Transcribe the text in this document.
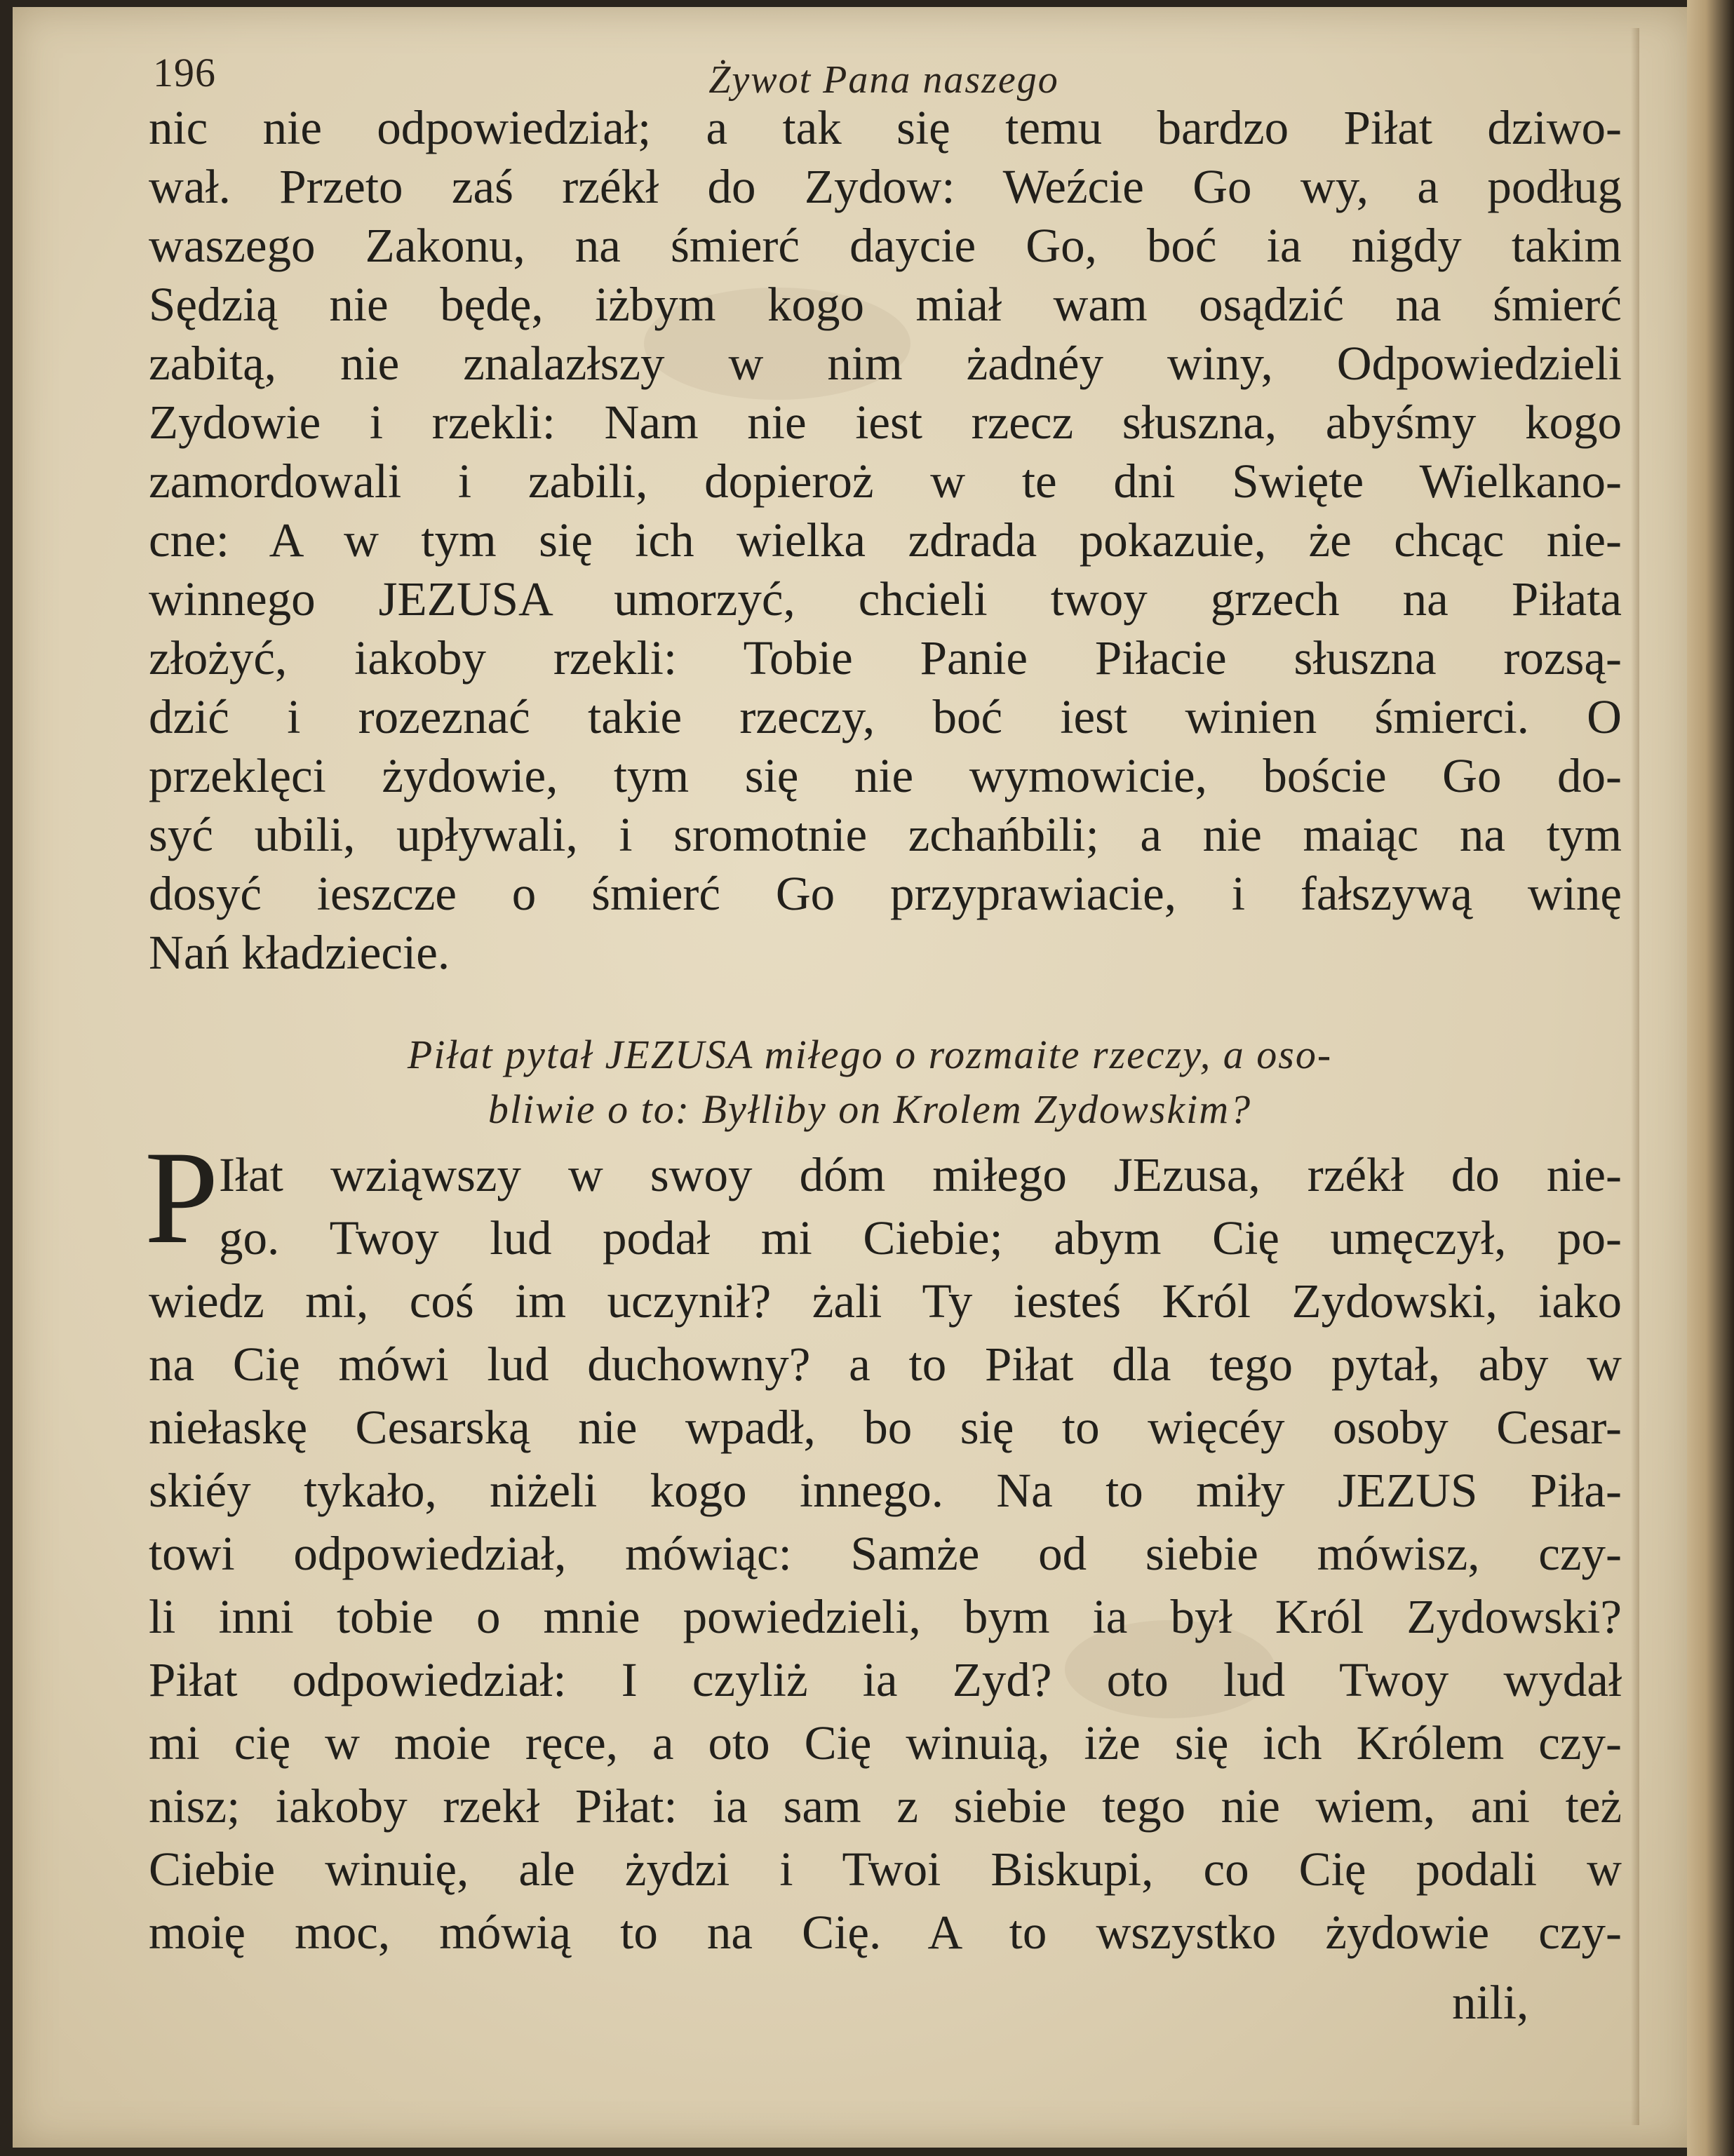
196	Żywot Pana naszego
nic nie odpowiedział; a tak się temu bardzo Piłat dziwo-
wał. Przeto zaś rzékł do Zydow: Weźcie Go wy, a podług
waszego Zakonu, na śmierć daycie Go, boć ia nigdy takim
Sędzią nie będę, iżbym kogo miał wam osądzić na śmierć
zabitą, nie znalazłszy w nim żadnéy winy, Odpowiedzieli
Zydowie i rzekli: Nam nie iest rzecz słuszna, abyśmy kogo
zamordowali i zabili, dopieroż w te dni Swięte Wielkano-
cne: A w tym się ich wielka zdrada pokazuie, że chcąc nie-
winnego JEZUSA umorzyć, chcieli twoy grzech na Piłata
złożyć, iakoby rzekli: Tobie Panie Piłacie słuszna rozsą-
dzić i rozeznać takie rzeczy, boć iest winien śmierci. O
przeklęci żydowie, tym się nie wymowicie, boście Go do-
syć ubili, upływali, i sromotnie zchańbili; a nie maiąc na tym
dosyć ieszcze o śmierć Go przyprawiacie, i fałszywą winę
Nań kładziecie.
Piłat pytał JEZUSA miłego o rozmaite rzeczy, a oso-
bliwie o to: Byłliby on Krolem Zydowskim?
P Iłat wziąwszy w swoy dóm miłego JEzusa, rzékł do nie-
go. Twoy lud podał mi Ciebie; abym Cię umęczył, po-
wiedz mi, coś im uczynił? żali Ty iesteś Król Zydowski, iako
na Cię mówi lud duchowny? a to Piłat dla tego pytał, aby w
niełaskę Cesarską nie wpadł, bo się to więcéy osoby Cesar-
skiéy tykało, niżeli kogo innego. Na to miły JEZUS Piła-
towi odpowiedział, mówiąc: Samże od siebie mówisz, czy-
li inni tobie o mnie powiedzieli, bym ia był Król Zydowski?
Piłat odpowiedział: I czyliż ia Zyd? oto lud Twoy wydał
mi cię w moie ręce, a oto Cię winuią, iże się ich Królem czy-
nisz; iakoby rzekł Piłat: ia sam z siebie tego nie wiem, ani też
Ciebie winuię, ale żydzi i Twoi Biskupi, co Cię podali w
moię moc, mówią to na Cię. A to wszystko żydowie czy-
nili,
